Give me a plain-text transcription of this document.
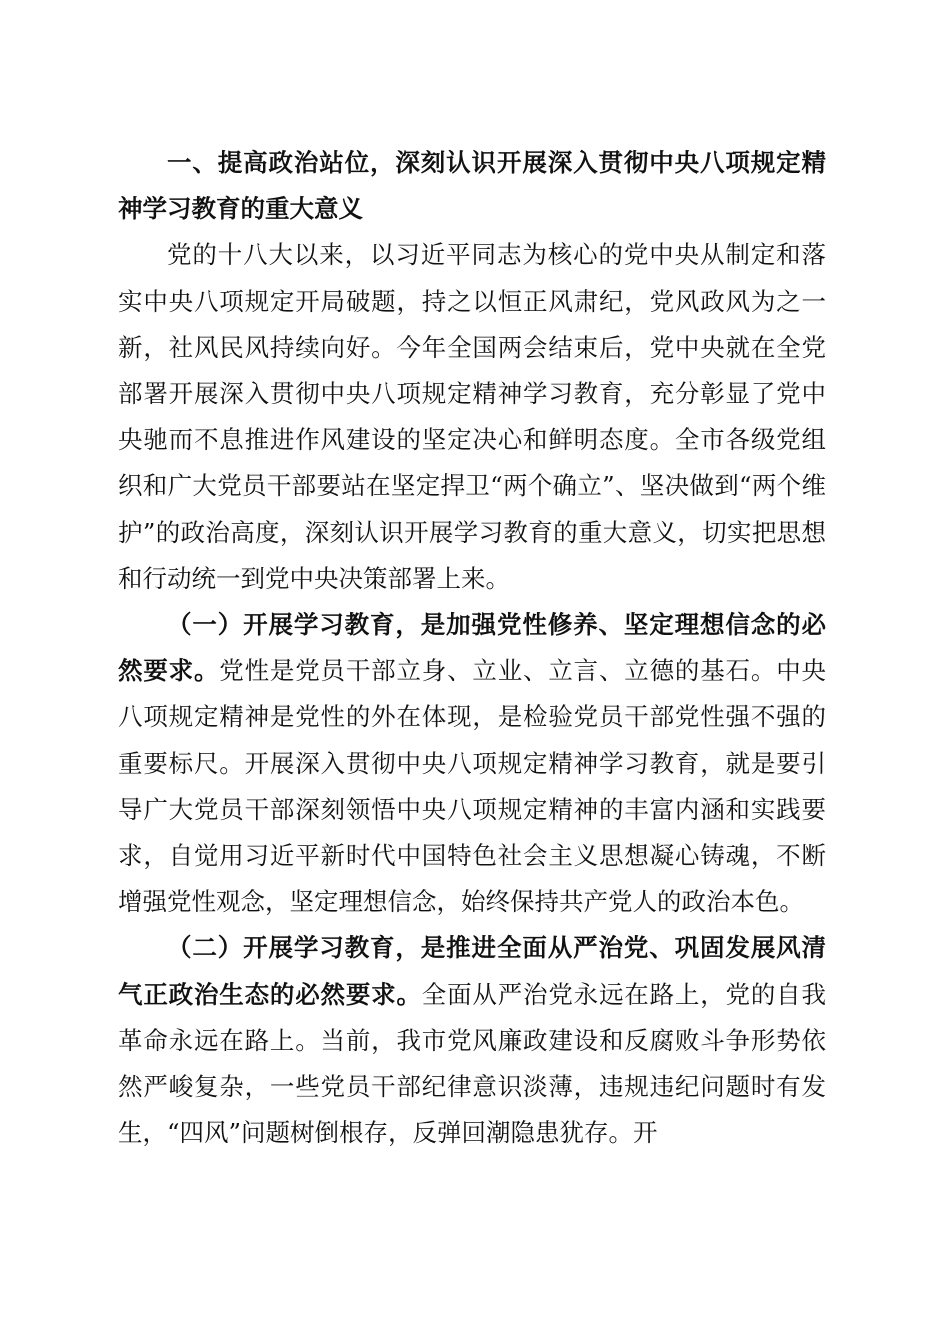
一、提高政治站位，深刻认识开展深入贯彻中央八项规定精神学习教育的重大意义

党的十八大以来，以习近平同志为核心的党中央从制定和落实中央八项规定开局破题，持之以恒正风肃纪，党风政风为之一新，社风民风持续向好。今年全国两会结束后，党中央就在全党部署开展深入贯彻中央八项规定精神学习教育，充分彰显了党中央驰而不息推进作风建设的坚定决心和鲜明态度。全市各级党组织和广大党员干部要站在坚定捍卫“两个确立”、坚决做到“两个维护”的政治高度，深刻认识开展学习教育的重大意义，切实把思想和行动统一到党中央决策部署上来。

（一）开展学习教育，是加强党性修养、坚定理想信念的必然要求。党性是党员干部立身、立业、立言、立德的基石。中央八项规定精神是党性的外在体现，是检验党员干部党性强不强的重要标尺。开展深入贯彻中央八项规定精神学习教育，就是要引导广大党员干部深刻领悟中央八项规定精神的丰富内涵和实践要求，自觉用习近平新时代中国特色社会主义思想凝心铸魂，不断增强党性观念，坚定理想信念，始终保持共产党人的政治本色。

（二）开展学习教育，是推进全面从严治党、巩固发展风清气正政治生态的必然要求。全面从严治党永远在路上，党的自我革命永远在路上。当前，我市党风廉政建设和反腐败斗争形势依然严峻复杂，一些党员干部纪律意识淡薄，违规违纪问题时有发生，“四风”问题树倒根存，反弹回潮隐患犹存。开
